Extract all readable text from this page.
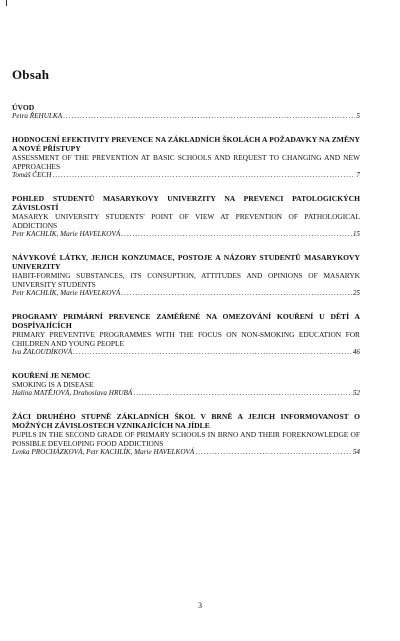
Obsah
ÚVOD
Petra ŘEHULKA .....	5
HODNOCENÍ EFEKTIVITY PREVENCE NA ZÁKLADNÍCH ŠKOLÁCH A POŽADAVKY NA ZMĚNY A NOVÉ PŘÍSTUPY
ASSESSMENT OF THE PREVENTION AT BASIC SCHOOLS AND REQUEST TO CHANGING AND NEW APPROACHES
Tomáš ČECH .....	7
POHLED STUDENTŮ MASARYKOVY UNIVERZITY NA PREVENCI PATOLOGICKÝCH ZÁVISLOSTÍ
MASARYK UNIVERSITY STUDENTS' POINT OF VIEW AT PREVENTION OF PATHOLOGICAL ADDICTIONS
Petr KACHLÍK, Marie HAVELKOVÁ .....	15
NÁVYKOVÉ LÁTKY, JEJICH KONZUMACE, POSTOJE A NÁZORY STUDENTŮ MASARYKOVY UNIVERZITY
HABIT-FORMING SUBSTANCES, ITS CONSUPTION, ATTITUDES AND OPINIONS OF MASARYK UNIVERSITY STUDENTS
Petr KACHLÍK, Marie HAVELKOVÁ .....	25
PROGRAMY PRIMÁRNÍ PREVENCE ZAMĚŘENÉ NA OMEZOVÁNÍ KOUŘENÍ U DĚTÍ A DOSPÍVAJÍCÍCH
PRIMARY PREVENTIVE PROGRAMMES WITH THE FOCUS ON NON-SMOKING EDUCATION FOR CHILDREN AND YOUNG PEOPLE
Iva ŽALOUDÍKOVÁ .....	46
KOUŘENÍ JE NEMOC
SMOKING IS A DISEASE
Halina MATĚJOVÁ, Drahoslava HRUBÁ .....	52
ŽÁCI DRUHÉHO STUPNĚ ZÁKLADNÍCH ŠKOL V BRNĚ A JEJICH INFORMOVANOST O MOŽNÝCH ZÁVISLOSTECH VZNIKAJÍCÍCH NA JÍDLE
PUPILS IN THE SECOND GRADE OF PRIMARY SCHOOLS IN BRNO AND THEIR FOREKNOWLEDGE OF POSSIBLE DEVELOPING FOOD ADDICTIONS
Lenka PROCHÁZKOVÁ, Petr KACHLÍK, Marie HAVELKOVÁ .....	54
3
